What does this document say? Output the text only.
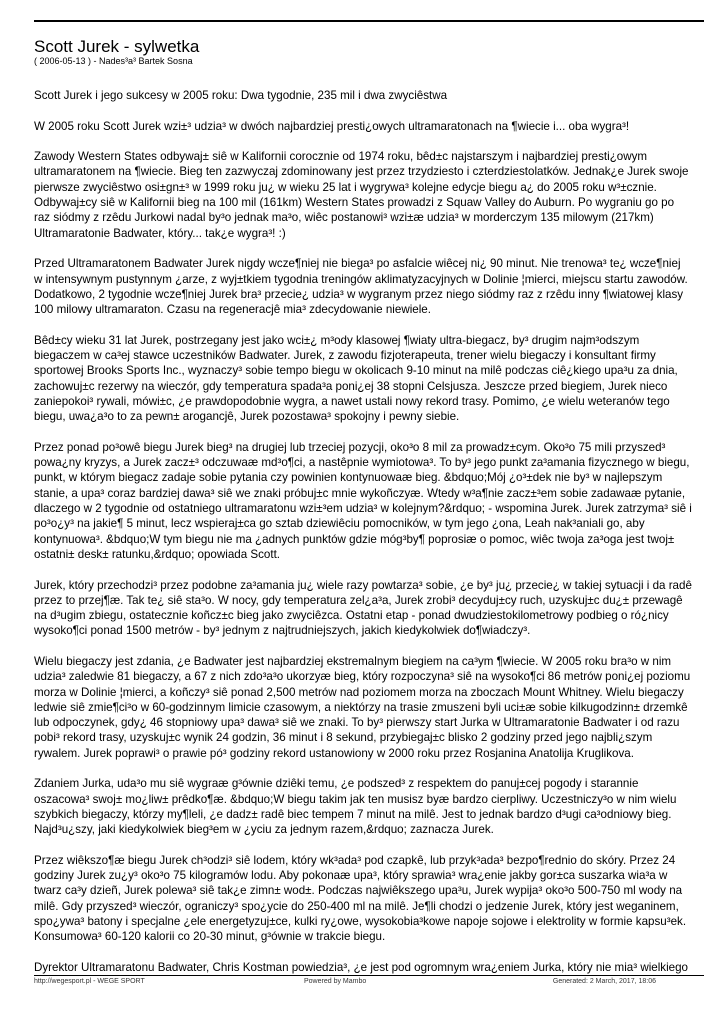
Scott Jurek - sylwetka

( 2006-05-13 ) - Nades³a³ Bartek Sosna

Scott Jurek i jego sukcesy w 2005 roku: Dwa tygodnie, 235 mil i dwa zwyciêstwa

W 2005 roku Scott Jurek wzi±³ udzia³ w dwóch najbardziej presti¿owych ultramaratonach na ¶wiecie i... oba wygra³!

Zawody Western States odbywaj± siê w Kalifornii corocznie od 1974 roku, bêd±c najstarszym i najbardziej presti¿owym ultramaratonem na ¶wiecie. Bieg ten zazwyczaj zdominowany jest przez trzydziesto i czterdziestolatków. Jednak¿e Jurek swoje pierwsze zwyciêstwo osi±gn±³ w 1999 roku ju¿ w wieku 25 lat i wygrywa³ kolejne edycje biegu a¿ do 2005 roku w³±cznie. Odbywaj±cy siê w Kalifornii bieg na 100 mil (161km) Western States prowadzi z Squaw Valley do Auburn. Po wygraniu go po raz siódmy z rzêdu Jurkowi nadal by³o jednak ma³o, wiêc postanowi³ wzi±æ udzia³ w morderczym 135 milowym (217km) Ultramaratonie Badwater, który... tak¿e wygra³! :)

Przed Ultramaratonem Badwater Jurek nigdy wcze¶niej nie biega³ po asfalcie wiêcej ni¿ 90 minut. Nie trenowa³ te¿ wcze¶niej w intensywnym pustynnym ¿arze, z wyj±tkiem tygodnia treningów aklimatyzacyjnych w Dolinie ¦mierci, miejscu startu zawodów. Dodatkowo, 2 tygodnie wcze¶niej Jurek bra³ przecie¿ udzia³ w wygranym przez niego siódmy raz z rzêdu inny ¶wiatowej klasy 100 milowy ultramaraton. Czasu na regeneracjê mia³ zdecydowanie niewiele.

Bêd±cy wieku 31 lat Jurek, postrzegany jest jako wci±¿ m³ody klasowej ¶wiaty ultra-biegacz, by³ drugim najm³odszym biegaczem w ca³ej stawce uczestników Badwater. Jurek, z zawodu fizjoterapeuta, trener wielu biegaczy i konsultant firmy sportowej Brooks Sports Inc., wyznaczy³ sobie tempo biegu w okolicach 9-10 minut na milê podczas ciê¿kiego upa³u za dnia, zachowuj±c rezerwy na wieczór, gdy temperatura spada³a poni¿ej 38 stopni Celsjusza. Jeszcze przed biegiem, Jurek nieco zaniepokoi³ rywali, mówi±c, ¿e prawdopodobnie wygra, a nawet ustali nowy rekord trasy. Pomimo, ¿e wielu weteranów tego biegu, uwa¿a³o to za pewn± arogancjê, Jurek pozostawa³ spokojny i pewny siebie.

Przez ponad po³owê biegu Jurek bieg³ na drugiej lub trzeciej pozycji, oko³o 8 mil za prowadz±cym. Oko³o 75 mili przyszed³ powa¿ny kryzys, a Jurek zacz±³ odczuwaæ md³o¶ci, a nastêpnie wymiotowa³. To by³ jego punkt za³amania fizycznego w biegu, punkt, w którym biegacz zadaje sobie pytania czy powinien kontynuowaæ bieg. &bdquo;Mój ¿o³±dek nie by³ w najlepszym stanie, a upa³ coraz bardziej dawa³ siê we znaki próbuj±c mnie wykoñczyæ. Wtedy w³a¶nie zacz±³em sobie zadawaæ pytanie, dlaczego w 2 tygodnie od ostatniego ultramaratonu wzi±³em udzia³ w kolejnym?&rdquo; - wspomina Jurek. Jurek zatrzyma³ siê i po³o¿y³ na jakie¶ 5 minut, lecz wspieraj±ca go sztab dziewiêciu pomocników, w tym jego ¿ona, Leah nak³aniali go, aby kontynuowa³. &bdquo;W tym biegu nie ma ¿adnych punktów gdzie móg³by¶ poprosiæ o pomoc, wiêc twoja za³oga jest twoj± ostatni± desk± ratunku,&rdquo; opowiada Scott.

Jurek, który przechodzi³ przez podobne za³amania ju¿ wiele razy powtarza³ sobie, ¿e by³ ju¿ przecie¿ w takiej sytuacji i da radê przez to przej¶æ. Tak te¿ siê sta³o. W nocy, gdy temperatura zel¿a³a, Jurek zrobi³ decyduj±cy ruch, uzyskuj±c du¿± przewagê na d³ugim zbiegu, ostatecznie koñcz±c bieg jako zwyciêzca. Ostatni etap - ponad dwudziestokilometrowy podbieg o ró¿nicy wysoko¶ci ponad 1500 metrów - by³ jednym z najtrudniejszych, jakich kiedykolwiek do¶wiadczy³.

Wielu biegaczy jest zdania, ¿e Badwater jest najbardziej ekstremalnym biegiem na ca³ym ¶wiecie. W 2005 roku bra³o w nim udzia³ zaledwie 81 biegaczy, a 67 z nich zdo³a³o ukorzyæ bieg, który rozpoczyna³ siê na wysoko¶ci 86 metrów poni¿ej poziomu morza w Dolinie ¦mierci, a koñczy³ siê ponad 2,500 metrów nad poziomem morza na zboczach Mount Whitney. Wielu biegaczy ledwie siê zmie¶ci³o w 60-godzinnym limicie czasowym, a niektórzy na trasie zmuszeni byli uci±æ sobie kilkugodzinn± drzemkê lub odpoczynek, gdy¿ 46 stopniowy upa³ dawa³ siê we znaki. To by³ pierwszy start Jurka w Ultramaratonie Badwater i od razu pobi³ rekord trasy, uzyskuj±c wynik 24 godzin, 36 minut i 8 sekund, przybiegaj±c blisko 2 godziny przed jego najbli¿szym rywalem. Jurek poprawi³ o prawie pó³ godziny rekord ustanowiony w 2000 roku przez Rosjanina Anatolija Kruglikova.

Zdaniem Jurka, uda³o mu siê wygraæ g³ównie dziêki temu, ¿e podszed³ z respektem do panuj±cej pogody i starannie oszacowa³ swoj± mo¿liw± prêdko¶æ. &bdquo;W biegu takim jak ten musisz byæ bardzo cierpliwy. Uczestniczy³o w nim wielu szybkich biegaczy, którzy my¶leli, ¿e dadz± radê biec tempem 7 minut na milê. Jest to jednak bardzo d³ugi ca³odniowy bieg. Najd³u¿szy, jaki kiedykolwiek bieg³em w ¿yciu za jednym razem,&rdquo; zaznacza Jurek.

Przez wiêkszo¶æ biegu Jurek ch³odzi³ siê lodem, który wk³ada³ pod czapkê, lub przyk³ada³ bezpo¶rednio do skóry. Przez 24 godziny Jurek zu¿y³ oko³o 75 kilogramów lodu. Aby pokonaæ upa³, który sprawia³ wra¿enie jakby gor±ca suszarka wia³a w twarz ca³y dzieñ, Jurek polewa³ siê tak¿e zimn± wod±. Podczas najwiêkszego upa³u, Jurek wypija³ oko³o 500-750 ml wody na milê. Gdy przyszed³ wieczór, ograniczy³ spo¿ycie do 250-400 ml na milê. Je¶li chodzi o jedzenie Jurek, który jest weganinem, spo¿ywa³ batony i specjalne ¿ele energetyzuj±ce, kulki ry¿owe, wysokobia³kowe napoje sojowe i elektrolity w formie kapsu³ek. Konsumowa³ 60-120 kalorii co 20-30 minut, g³ównie w trakcie biegu.

Dyrektor Ultramaratonu Badwater, Chris Kostman powiedzia³, ¿e jest pod ogromnym wra¿eniem Jurka, który nie mia³ wielkiego

http://wegesport.pl - WEGE SPORT	Powered by Mambo	Generated: 2 March, 2017, 18:06
